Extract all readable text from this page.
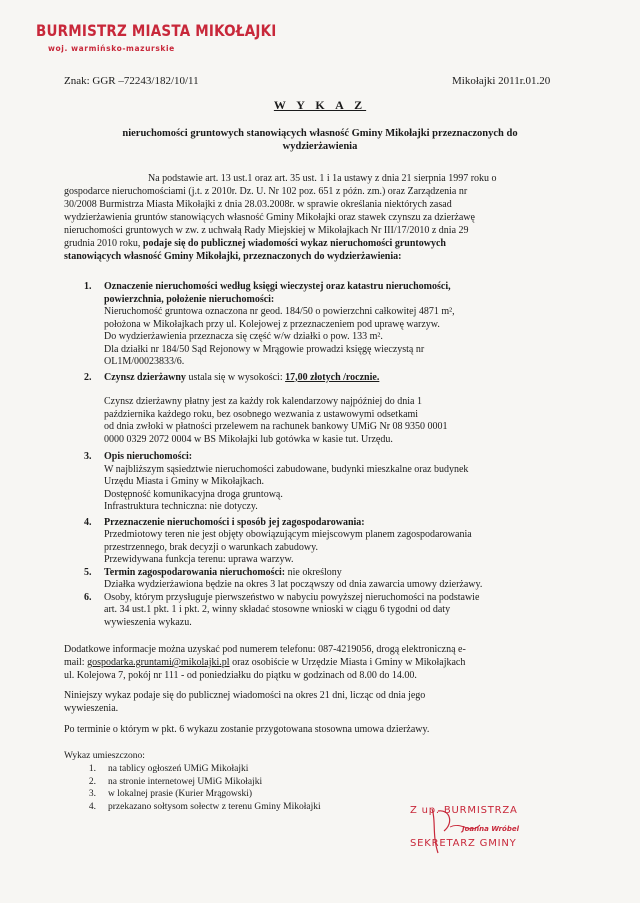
BURMISTRZ MIASTA MIKOŁAJKI
woj. warmińsko-mazurskie
Znak: GGR –72243/182/10/11	Mikołajki 2011r.01.20
W Y K A Z
nieruchomości gruntowych stanowiących własność Gminy Mikołajki przeznaczonych do wydzierżawienia
Na podstawie art. 13 ust.1 oraz art. 35 ust. 1 i 1a ustawy z dnia 21 sierpnia 1997 roku o
gospodarce nieruchomościami (j.t. z 2010r. Dz. U. Nr 102 poz. 651 z późn. zm.) oraz Zarządzenia nr
30/2008 Burmistrza Miasta Mikołajki z dnia 28.03.2008r. w sprawie określania niektórych zasad
wydzierżawienia gruntów stanowiących własność Gminy Mikołajki oraz stawek czynszu za dzierżawę
nieruchomości gruntowych w zw. z uchwałą Rady Miejskiej w Mikołajkach Nr III/17/2010 z dnia 29
grudnia 2010 roku, podaje się do publicznej wiadomości wykaz nieruchomości gruntowych
stanowiących własność Gminy Mikołajki, przeznaczonych do wydzierżawienia:
1. Oznaczenie nieruchomości według księgi wieczystej oraz katastru nieruchomości,
powierzchnia, położenie nieruchomości:
Nieruchomość gruntowa oznaczona nr geod. 184/50 o powierzchni całkowitej 4871 m²,
położona w Mikołajkach przy ul. Kolejowej z przeznaczeniem pod uprawę warzyw.
Do wydzierżawienia przeznacza się część w/w działki o pow. 133 m².
Dla działki nr 184/50 Sąd Rejonowy w Mrągowie prowadzi księgę wieczystą nr
OL1M/00023833/6.
2. Czynsz dzierżawny ustala się w wysokości: 17,00 złotych /rocznie.
Czynsz dzierżawny płatny jest za każdy rok kalendarzowy najpóźniej do dnia 1
października każdego roku, bez osobnego wezwania z ustawowymi odsetkami
od dnia zwłoki w płatności przelewem na rachunek bankowy UMiG Nr 08 9350 0001
0000 0329 2072 0004 w BS Mikołajki lub gotówka w kasie tut. Urzędu.
3. Opis nieruchomości:
W najbliższym sąsiedztwie nieruchomości zabudowane, budynki mieszkalne oraz budynek
Urzędu Miasta i Gminy w Mikołajkach.
Dostępność komunikacyjna droga gruntową.
Infrastruktura techniczna: nie dotyczy.
4. Przeznaczenie nieruchomości i sposób jej zagospodarowania:
Przedmiotowy teren nie jest objęty obowiązującym miejscowym planem zagospodarowania
przestrzennego, brak decyzji o warunkach zabudowy.
Przewidywana funkcja terenu: uprawa warzyw.
5. Termin zagospodarowania nieruchomości: nie określony
Działka wydzierżawiona będzie na okres 3 lat począwszy od dnia zawarcia umowy dzierżawy.
6. Osoby, którym przysługuje pierwszeństwo w nabyciu powyższej nieruchomości na podstawie
art. 34 ust.1 pkt. 1 i pkt. 2, winny składać stosowne wnioski w ciągu 6 tygodni od daty
wywieszenia wykazu.
Dodatkowe informacje można uzyskać pod numerem telefonu: 087-4219056, drogą elektroniczną e-
mail: gospodarka.gruntami@mikolajki.pl oraz osobiście w Urzędzie Miasta i Gminy w Mikołajkach
ul. Kolejowa 7, pokój nr 111 - od poniedziałku do piątku w godzinach od 8.00 do 14.00.
Niniejszy wykaz podaje się do publicznej wiadomości na okres 21 dni, licząc od dnia jego
wywieszenia.
Po terminie o którym w pkt. 6 wykazu zostanie przygotowana stosowna umowa dzierżawy.
Wykaz umieszczono:
1. na tablicy ogłoszeń UMiG Mikołajki
2. na stronie internetowej UMiG Mikołajki
3. w lokalnej prasie (Kurier Mrągowski)
4. przekazano sołtysom sołectw z terenu Gminy Mikołajki	Z up. BURMISTRZA
Joanna Wróbel
SEKRETARZ GMINY
